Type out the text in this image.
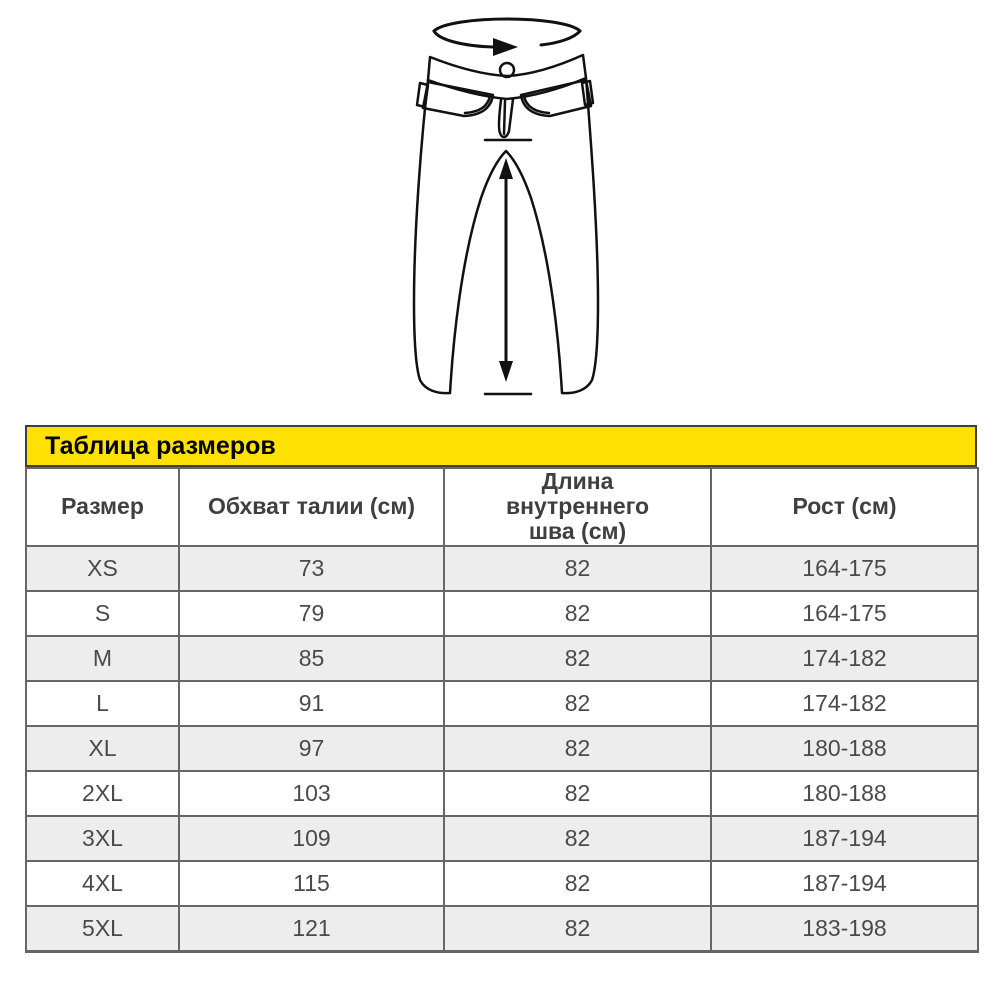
Таблица размеров
Размер	Обхват талии (см)	Длина внутреннего шва (см)	Рост (см)
XS	73	82	164-175
S	79	82	164-175
M	85	82	174-182
L	91	82	174-182
XL	97	82	180-188
2XL	103	82	180-188
3XL	109	82	187-194
4XL	115	82	187-194
5XL	121	82	183-198
